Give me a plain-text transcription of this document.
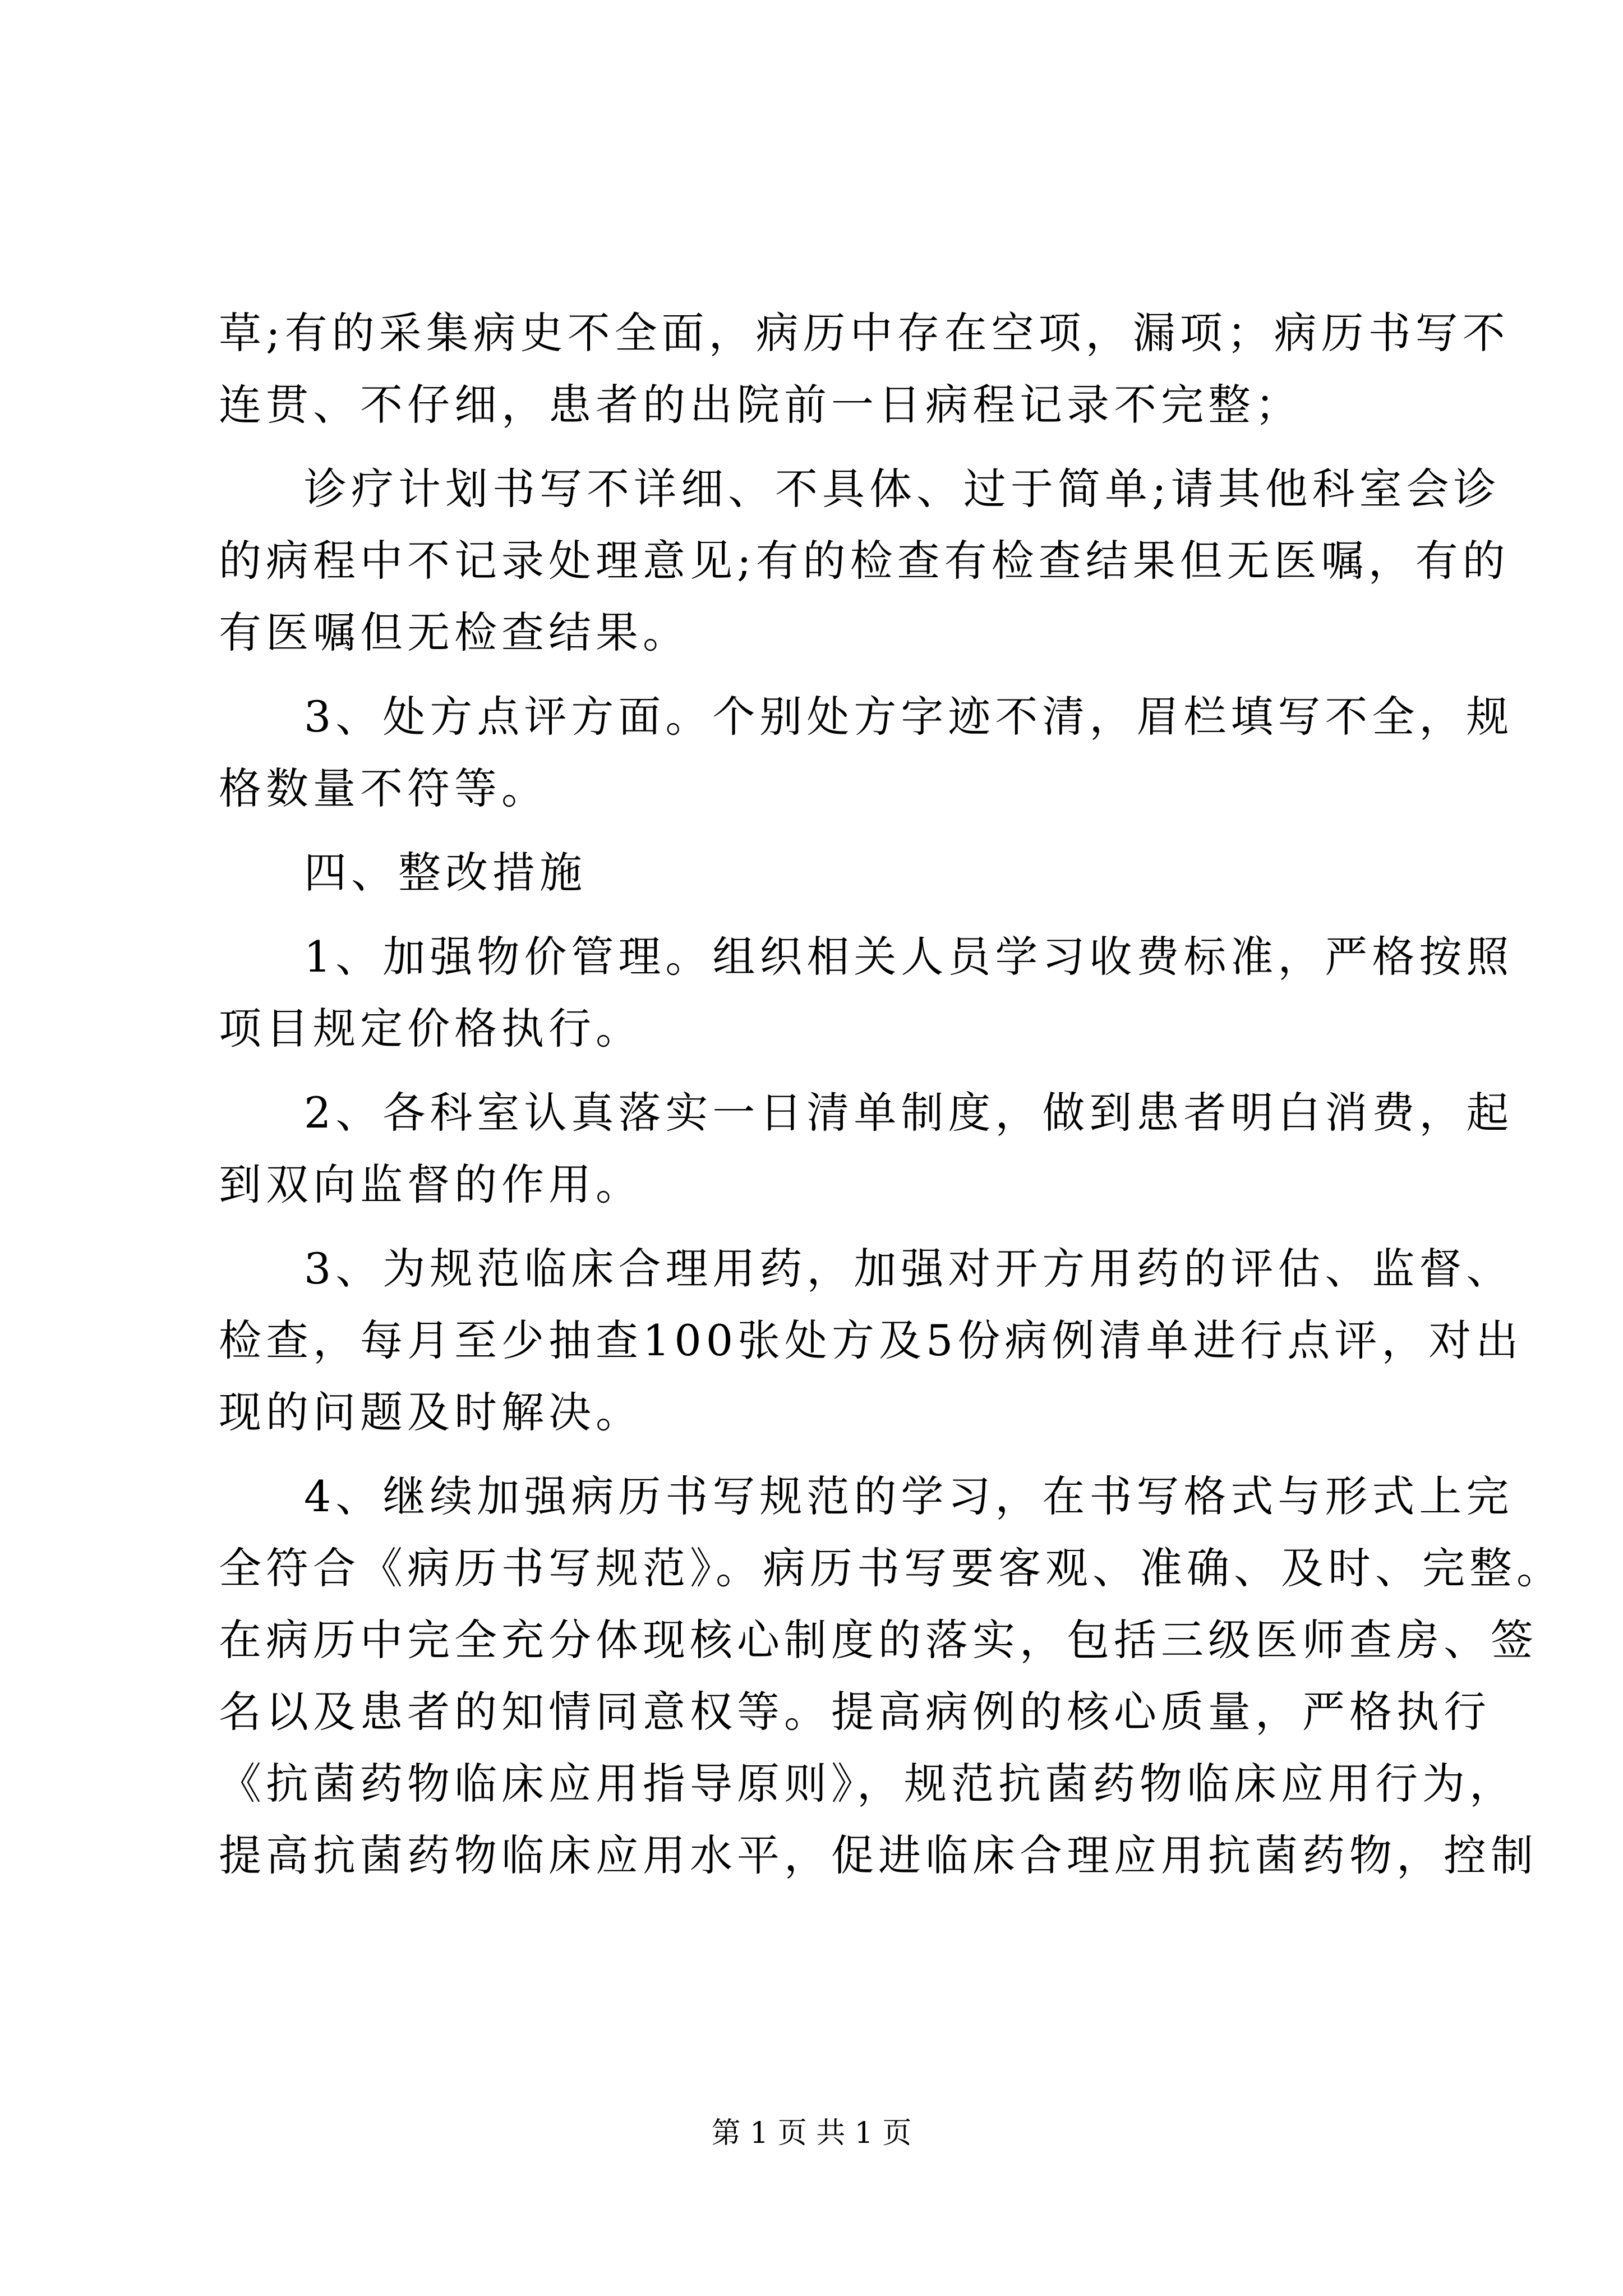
草;有的采集病史不全面，病历中存在空项，漏项；病历书写不
连贯、不仔细，患者的出院前一日病程记录不完整；
诊疗计划书写不详细、不具体、过于简单;请其他科室会诊
的病程中不记录处理意见;有的检查有检查结果但无医嘱，有的
有医嘱但无检查结果。
3、处方点评方面。个别处方字迹不清，眉栏填写不全，规
格数量不符等。
四、整改措施
1、加强物价管理。组织相关人员学习收费标准，严格按照
项目规定价格执行。
2、各科室认真落实一日清单制度，做到患者明白消费，起
到双向监督的作用。
3、为规范临床合理用药，加强对开方用药的评估、监督、
检查，每月至少抽查100张处方及5份病例清单进行点评，对出
现的问题及时解决。
4、继续加强病历书写规范的学习，在书写格式与形式上完
全符合《病历书写规范》。病历书写要客观、准确、及时、完整。
在病历中完全充分体现核心制度的落实，包括三级医师查房、签
名以及患者的知情同意权等。提高病例的核心质量，严格执行
《抗菌药物临床应用指导原则》，规范抗菌药物临床应用行为，
提高抗菌药物临床应用水平，促进临床合理应用抗菌药物，控制
第 1 页 共 1 页
